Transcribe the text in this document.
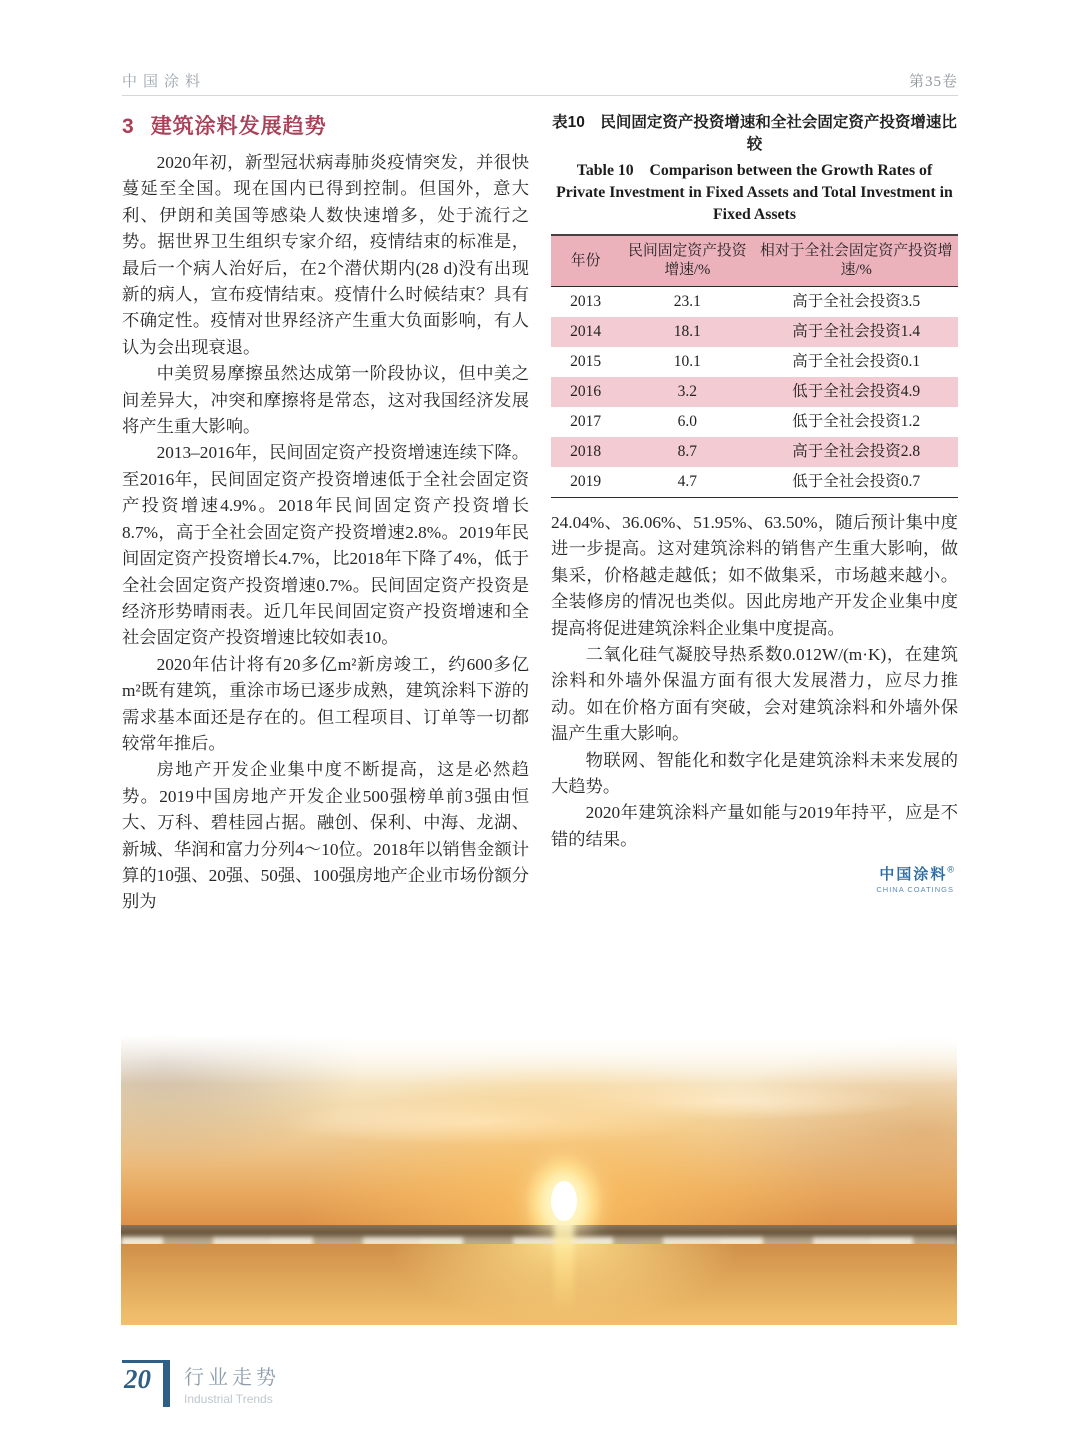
中国涂料	第35卷
3 建筑涂料发展趋势

2020年初，新型冠状病毒肺炎疫情突发，并很快蔓延至全国。现在国内已得到控制。但国外，意大利、伊朗和美国等感染人数快速增多，处于流行之势。据世界卫生组织专家介绍，疫情结束的标准是，最后一个病人治好后，在2个潜伏期内(28 d)没有出现新的病人，宣布疫情结束。疫情什么时候结束？具有不确定性。疫情对世界经济产生重大负面影响，有人认为会出现衰退。

中美贸易摩擦虽然达成第一阶段协议，但中美之间差异大，冲突和摩擦将是常态，这对我国经济发展将产生重大影响。

2013–2016年，民间固定资产投资增速连续下降。至2016年，民间固定资产投资增速低于全社会固定资产投资增速4.9%。2018年民间固定资产投资增长8.7%，高于全社会固定资产投资增速2.8%。2019年民间固定资产投资增长4.7%，比2018年下降了4%，低于全社会固定资产投资增速0.7%。民间固定资产投资是经济形势晴雨表。近几年民间固定资产投资增速和全社会固定资产投资增速比较如表10。

2020年估计将有20多亿m²新房竣工，约600多亿m²既有建筑，重涂市场已逐步成熟，建筑涂料下游的需求基本面还是存在的。但工程项目、订单等一切都较常年推后。

房地产开发企业集中度不断提高，这是必然趋势。2019中国房地产开发企业500强榜单前3强由恒大、万科、碧桂园占据。融创、保利、中海、龙湖、新城、华润和富力分列4～10位。2018年以销售金额计算的10强、20强、50强、100强房地产企业市场份额分别为

表10　民间固定资产投资增速和全社会固定资产投资增速比较

Table 10　Comparison between the Growth Rates of Private Investment in Fixed Assets and Total Investment in Fixed Assets

年份	民间固定资产投资增速/%	相对于全社会固定资产投资增速/%
2013	23.1	高于全社会投资3.5
2014	18.1	高于全社会投资1.4
2015	10.1	高于全社会投资0.1
2016	3.2	低于全社会投资4.9
2017	6.0	低于全社会投资1.2
2018	8.7	高于全社会投资2.8
2019	4.7	低于全社会投资0.7

24.04%、36.06%、51.95%、63.50%，随后预计集中度进一步提高。这对建筑涂料的销售产生重大影响，做集采，价格越走越低；如不做集采，市场越来越小。全装修房的情况也类似。因此房地产开发企业集中度提高将促进建筑涂料企业集中度提高。

二氧化硅气凝胶导热系数0.012W/(m·K)，在建筑涂料和外墙外保温方面有很大发展潜力，应尽力推动。如在价格方面有突破，会对建筑涂料和外墙外保温产生重大影响。

物联网、智能化和数字化是建筑涂料未来发展的大趋势。

2020年建筑涂料产量如能与2019年持平，应是不错的结果。

中国涂料®
CHINA COATINGS
20	行业走势
Industrial Trends
